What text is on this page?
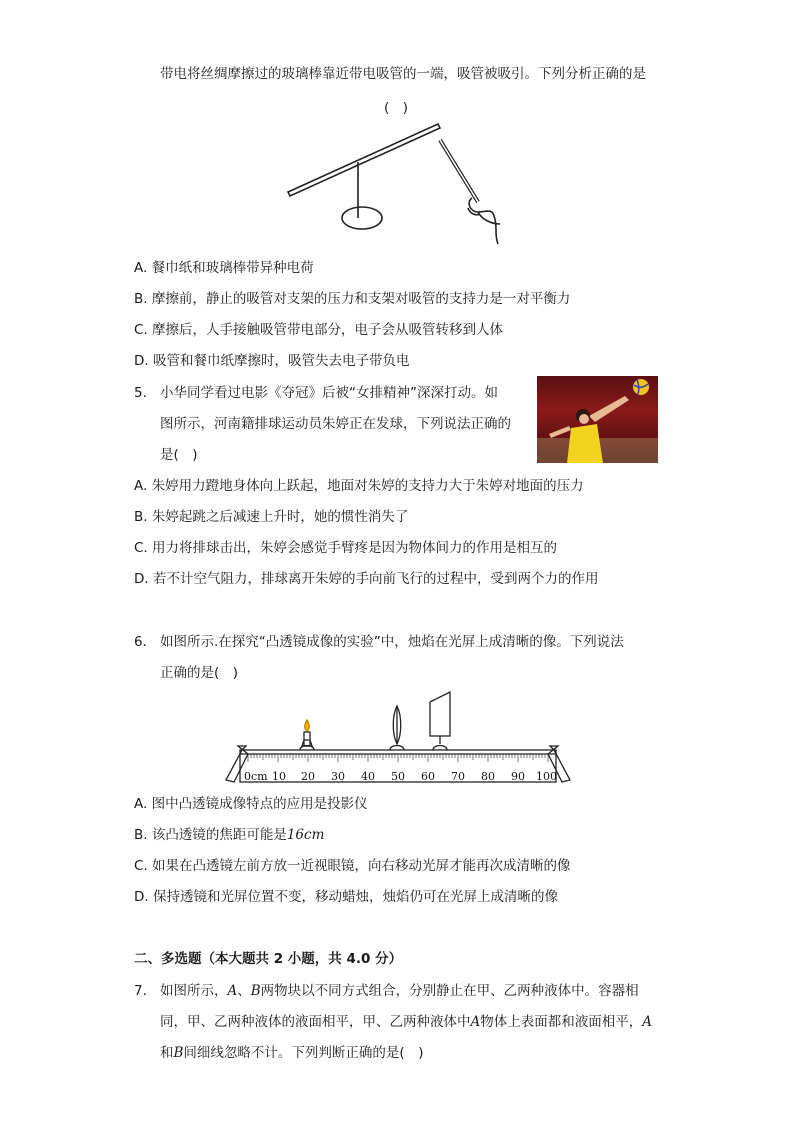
带电将丝绸摩擦过的玻璃棒靠近带电吸管的一端，吸管被吸引。下列分析正确的是
(　)
A. 餐巾纸和玻璃棒带异种电荷
B. 摩擦前，静止的吸管对支架的压力和支架对吸管的支持力是一对平衡力
C. 摩擦后，人手接触吸管带电部分，电子会从吸管转移到人体
D. 吸管和餐巾纸摩擦时，吸管失去电子带负电
5. 小华同学看过电影《夺冠》后被“女排精神”深深打动。如
图所示，河南籍排球运动员朱婷正在发球，下列说法正确的
是(　)
A. 朱婷用力蹬地身体向上跃起，地面对朱婷的支持力大于朱婷对地面的压力
B. 朱婷起跳之后减速上升时，她的惯性消失了
C. 用力将排球击出，朱婷会感觉手臂疼是因为物体间力的作用是相互的
D. 若不计空气阻力，排球离开朱婷的手向前飞行的过程中，受到两个力的作用
6. 如图所示.在探究“凸透镜成像的实验”中，烛焰在光屏上成清晰的像。下列说法
正确的是(　)
0cm 10 20 30 40 50 60 70 80 90 100
A. 图中凸透镜成像特点的应用是投影仪
B. 该凸透镜的焦距可能是16cm
C. 如果在凸透镜左前方放一近视眼镜，向右移动光屏才能再次成清晰的像
D. 保持透镜和光屏位置不变，移动蜡烛，烛焰仍可在光屏上成清晰的像
二、多选题（本大题共 2 小题，共 4.0 分）
7. 如图所示，A、B两物块以不同方式组合，分别静止在甲、乙两种液体中。容器相
同，甲、乙两种液体的液面相平，甲、乙两种液体中A物体上表面都和液面相平，A
和B间细线忽略不计。下列判断正确的是(　)
